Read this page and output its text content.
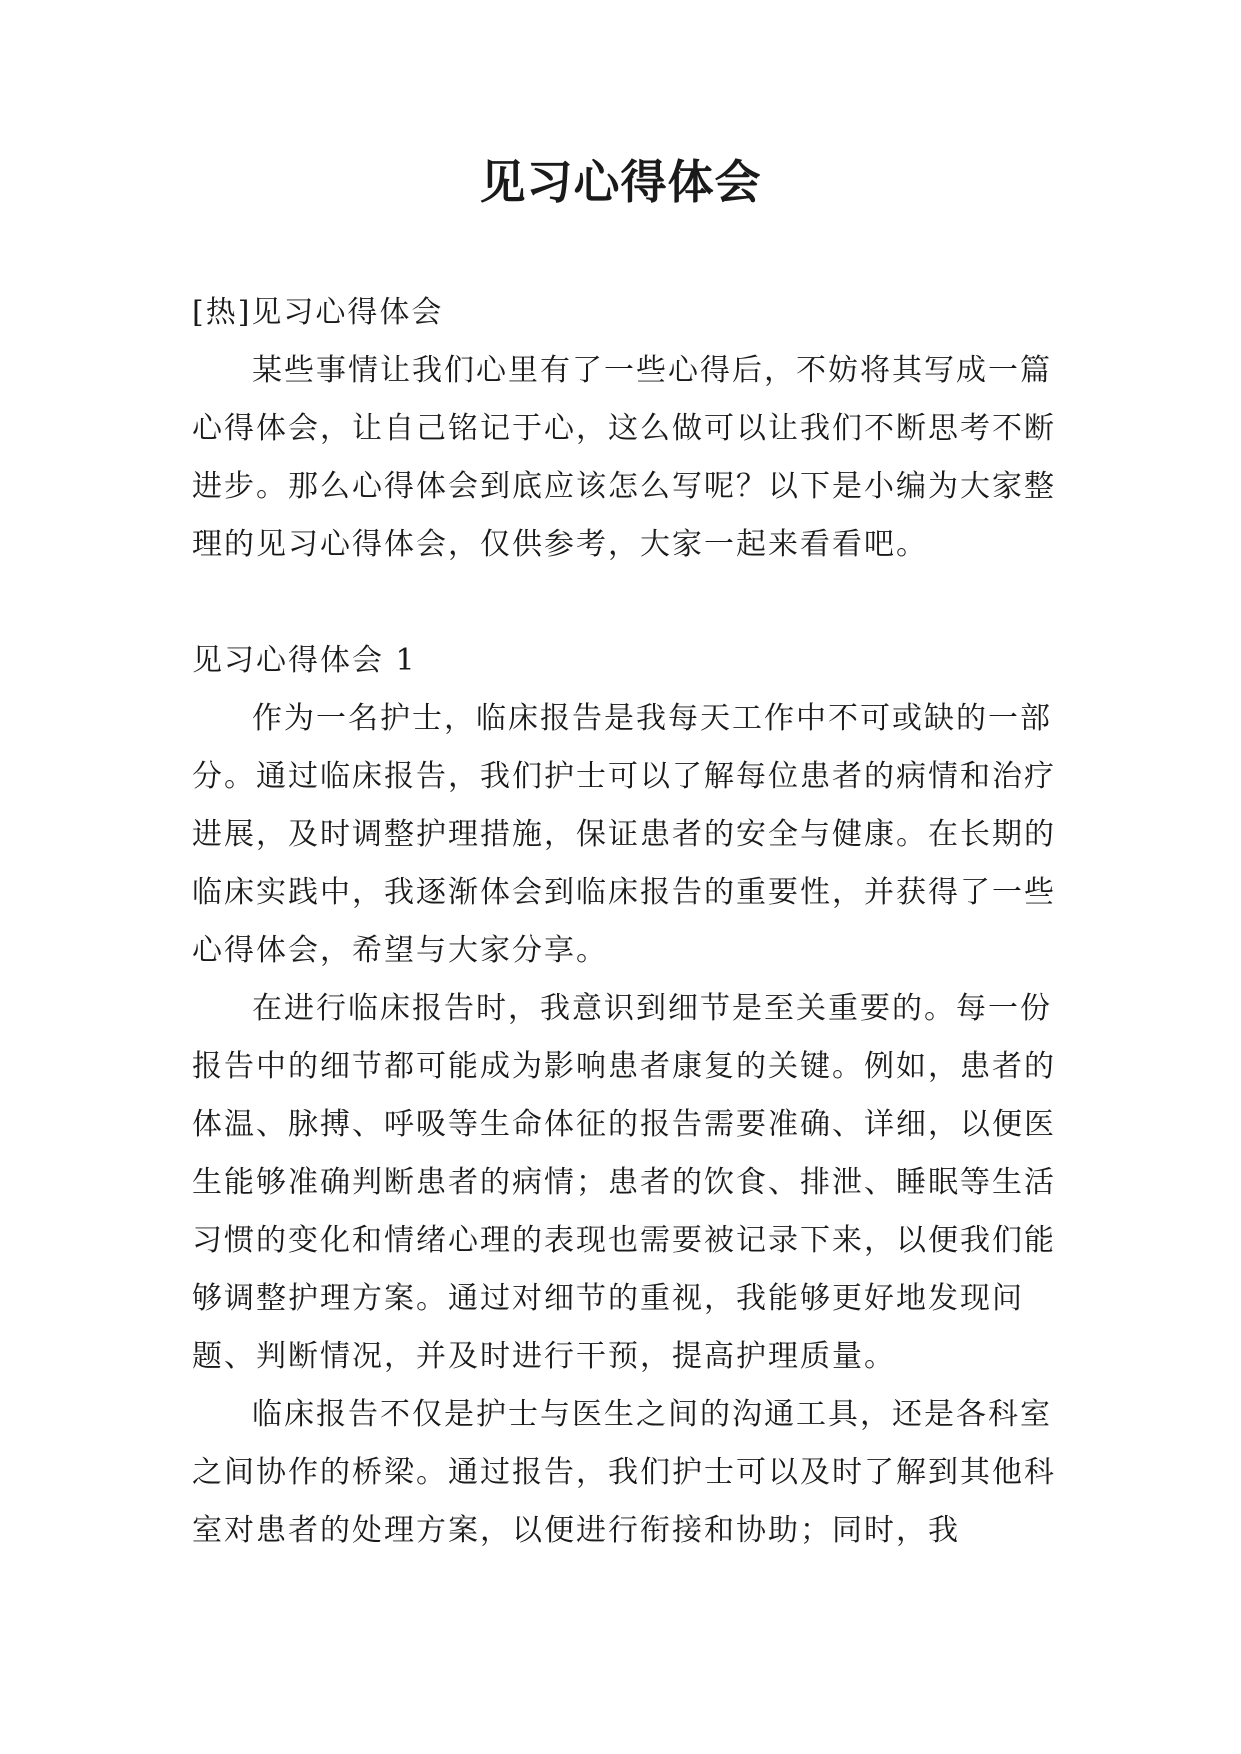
见习心得体会

[热]见习心得体会

某些事情让我们心里有了一些心得后，不妨将其写成一篇心得体会，让自己铭记于心，这么做可以让我们不断思考不断进步。那么心得体会到底应该怎么写呢？以下是小编为大家整理的见习心得体会，仅供参考，大家一起来看看吧。

见习心得体会 1

作为一名护士，临床报告是我每天工作中不可或缺的一部分。通过临床报告，我们护士可以了解每位患者的病情和治疗进展，及时调整护理措施，保证患者的安全与健康。在长期的临床实践中，我逐渐体会到临床报告的重要性，并获得了一些心得体会，希望与大家分享。

在进行临床报告时，我意识到细节是至关重要的。每一份报告中的细节都可能成为影响患者康复的关键。例如，患者的体温、脉搏、呼吸等生命体征的报告需要准确、详细，以便医生能够准确判断患者的病情；患者的饮食、排泄、睡眠等生活习惯的变化和情绪心理的表现也需要被记录下来，以便我们能够调整护理方案。通过对细节的重视，我能够更好地发现问题、判断情况，并及时进行干预，提高护理质量。

临床报告不仅是护士与医生之间的沟通工具，还是各科室之间协作的桥梁。通过报告，我们护士可以及时了解到其他科室对患者的处理方案，以便进行衔接和协助；同时，我
